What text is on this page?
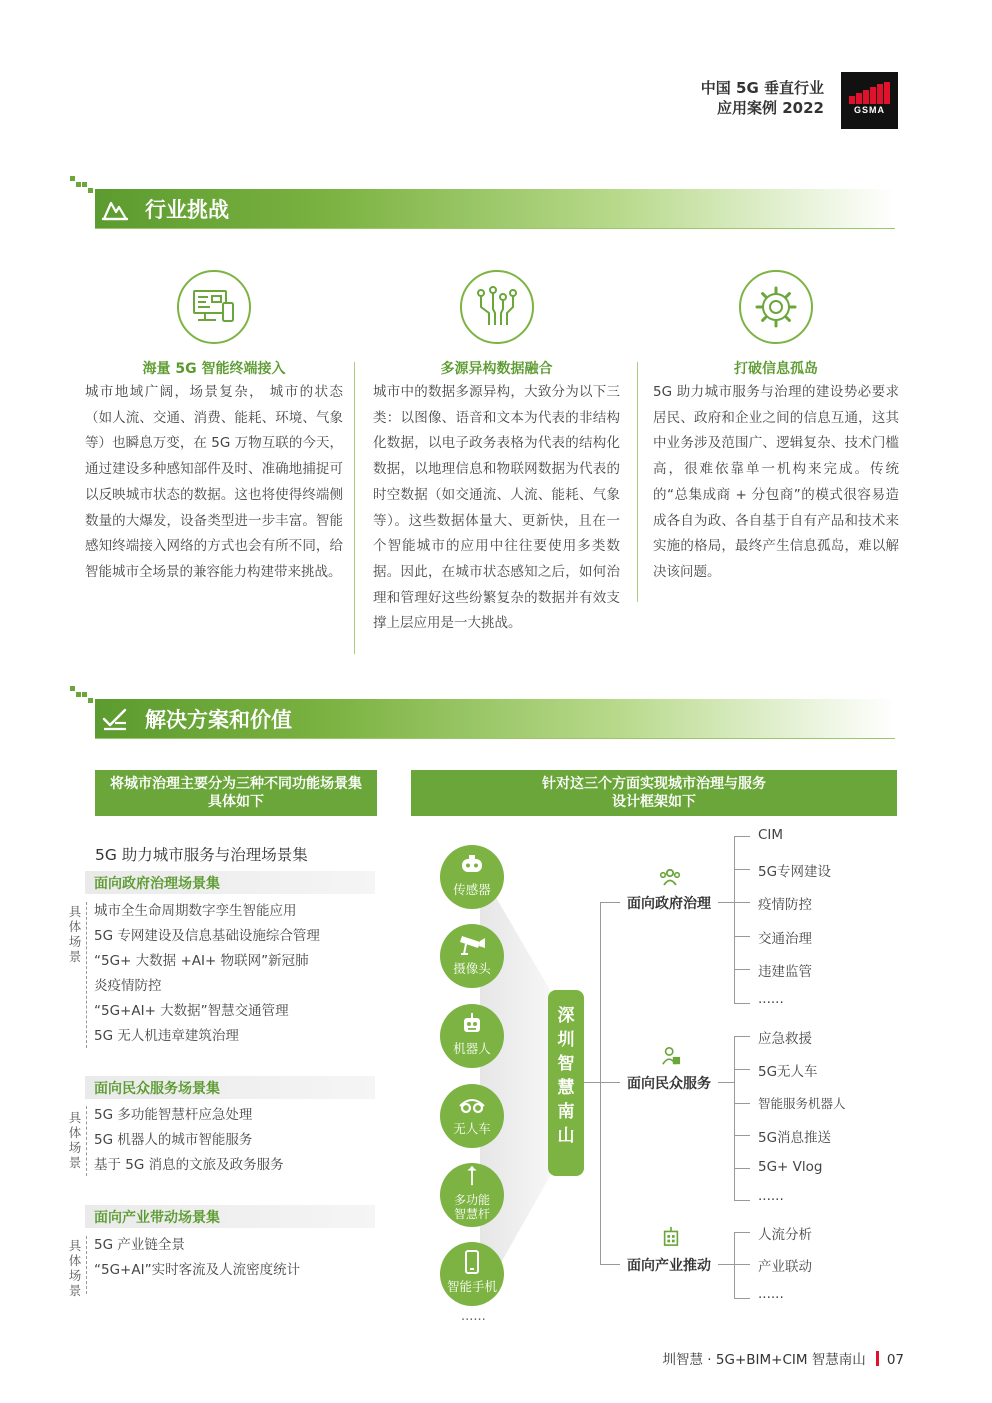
中国 5G 垂直行业
应用案例 2022	GSMA
行业挑战
海量 5G 智能终端接入
城市地域广阔，场景复杂， 城市的状态（如人流、交通、消费、能耗、环境、气象等）也瞬息万变，在 5G 万物互联的今天，通过建设多种感知部件及时、准确地捕捉可以反映城市状态的数据。这也将使得终端侧数量的大爆发，设备类型进一步丰富。智能感知终端接入网络的方式也会有所不同，给智能城市全场景的兼容能力构建带来挑战。
多源异构数据融合
城市中的数据多源异构，大致分为以下三类：以图像、语音和文本为代表的非结构化数据，以电子政务表格为代表的结构化数据，以地理信息和物联网数据为代表的时空数据（如交通流、人流、能耗、气象等）。这些数据体量大、更新快，且在一个智能城市的应用中往往要使用多类数据。因此，在城市状态感知之后，如何治理和管理好这些纷繁复杂的数据并有效支撑上层应用是一大挑战。
打破信息孤岛
5G 助力城市服务与治理的建设势必要求居民、政府和企业之间的信息互通，这其中业务涉及范围广、逻辑复杂、技术门槛高，很难依靠单一机构来完成。传统的“总集成商 + 分包商”的模式很容易造成各自为政、各自基于自有产品和技术来实施的格局，最终产生信息孤岛，难以解决该问题。
解决方案和价值
将城市治理主要分为三种不同功能场景集
具体如下
针对这三个方面实现城市治理与服务
设计框架如下
5G 助力城市服务与治理场景集
面向政府治理场景集
具体场景
城市全生命周期数字孪生智能应用
5G 专网建设及信息基础设施综合管理
“5G+ 大数据 +AI+ 物联网”新冠肺
炎疫情防控
“5G+AI+ 大数据”智慧交通管理
5G 无人机违章建筑治理
面向民众服务场景集
具体场景
5G 多功能智慧杆应急处理
5G 机器人的城市智能服务
基于 5G 消息的文旅及政务服务
面向产业带动场景集
具体场景
5G 产业链全景
“5G+AI”实时客流及人流密度统计
传感器
摄像头
机器人
无人车
多功能
智慧杆
智能手机
......
深
圳
智
慧
南
山
面向政府治理
CIM
5G专网建设
疫情防控
交通治理
违建监管
......
面向民众服务
应急救援
5G无人车
智能服务机器人
5G消息推送
5G+ Vlog
......
面向产业推动
人流分析
产业联动
......
圳智慧 · 5G+BIM+CIM 智慧南山 07
